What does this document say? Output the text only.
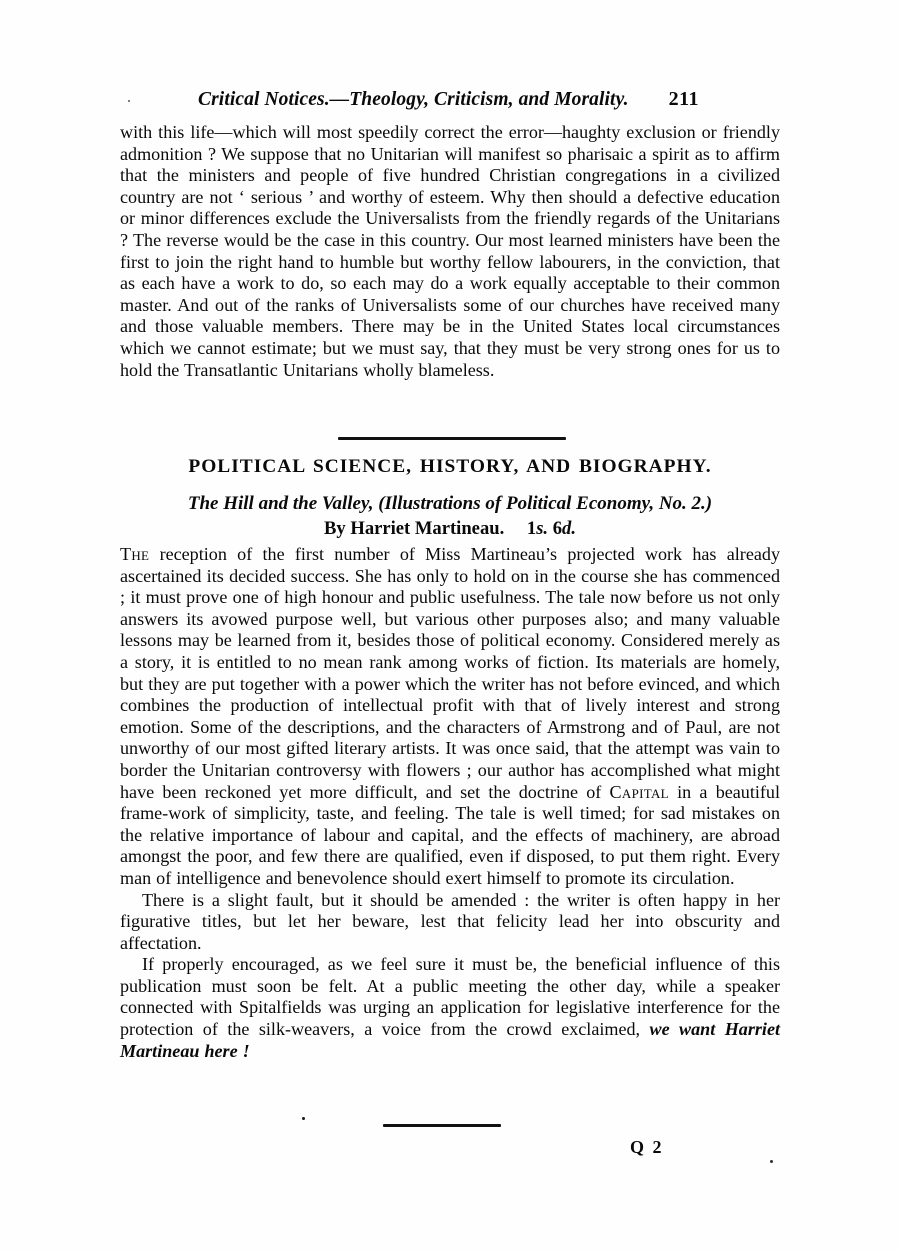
Critical Notices.—Theology, Criticism, and Morality. 211

with this life—which will most speedily correct the error—haughty exclusion or friendly admonition ? We suppose that no Unitarian will manifest so pharisaic a spirit as to affirm that the ministers and people of five hundred Christian congregations in a civilized country are not ‘ serious ’ and worthy of esteem. Why then should a defective education or minor differences exclude the Universalists from the friendly regards of the Unitarians ? The reverse would be the case in this country. Our most learned ministers have been the first to join the right hand to humble but worthy fellow labourers, in the conviction, that as each have a work to do, so each may do a work equally acceptable to their common master. And out of the ranks of Universalists some of our churches have received many and those valuable members. There may be in the United States local circumstances which we cannot estimate; but we must say, that they must be very strong ones for us to hold the Transatlantic Unitarians wholly blameless.

POLITICAL SCIENCE, HISTORY, AND BIOGRAPHY.
The Hill and the Valley, (Illustrations of Political Economy, No. 2.)
By Harriet Martineau. 1s. 6d.

The reception of the first number of Miss Martineau’s projected work has already ascertained its decided success. She has only to hold on in the course she has commenced ; it must prove one of high honour and public usefulness. The tale now before us not only answers its avowed purpose well, but various other purposes also; and many valuable lessons may be learned from it, besides those of political economy. Considered merely as a story, it is entitled to no mean rank among works of fiction. Its materials are homely, but they are put together with a power which the writer has not before evinced, and which combines the production of intellectual profit with that of lively interest and strong emotion. Some of the descriptions, and the characters of Armstrong and of Paul, are not unworthy of our most gifted literary artists. It was once said, that the attempt was vain to border the Unitarian controversy with flowers ; our author has accomplished what might have been reckoned yet more difficult, and set the doctrine of Capital in a beautiful frame-work of simplicity, taste, and feeling. The tale is well timed; for sad mistakes on the relative importance of labour and capital, and the effects of machinery, are abroad amongst the poor, and few there are qualified, even if disposed, to put them right. Every man of intelligence and benevolence should exert himself to promote its circulation.

There is a slight fault, but it should be amended : the writer is often happy in her figurative titles, but let her beware, lest that felicity lead her into obscurity and affectation.

If properly encouraged, as we feel sure it must be, the beneficial influence of this publication must soon be felt. At a public meeting the other day, while a speaker connected with Spitalfields was urging an application for legislative interference for the protection of the silk-weavers, a voice from the crowd exclaimed, we want Harriet Martineau here !

Q 2
